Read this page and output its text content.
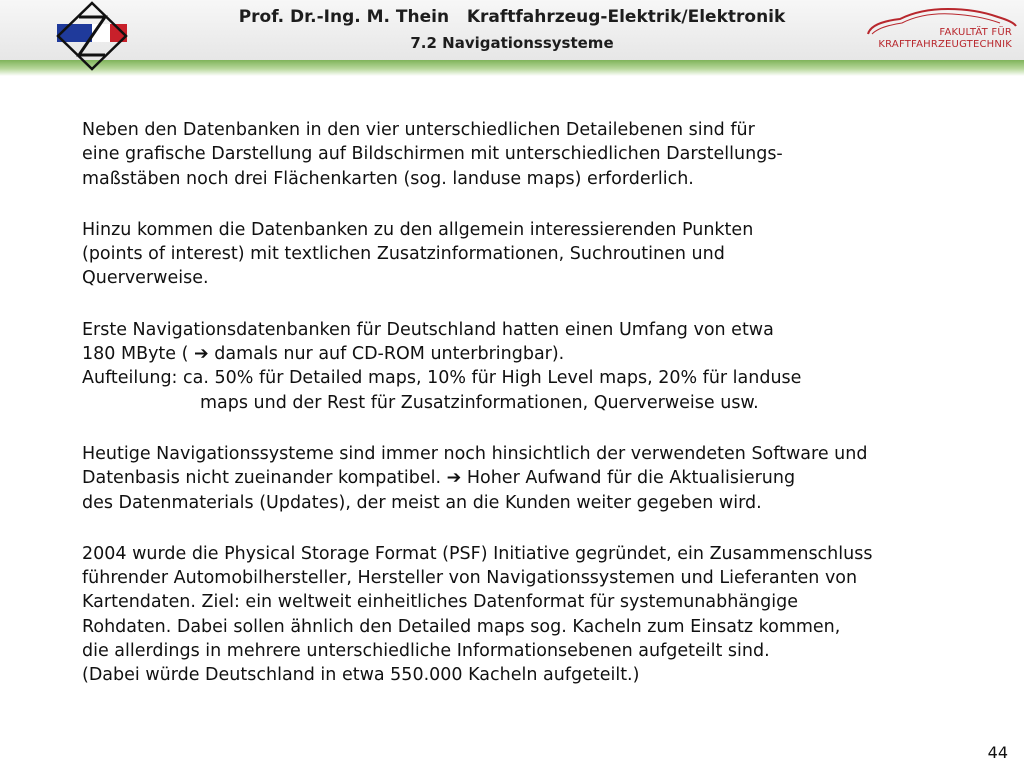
Prof. Dr.-Ing. M. Thein Kraftfahrzeug-Elektrik/Elektronik
7.2 Navigationssysteme
FAKULTÄT FÜR
KRAFTFAHRZEUGTECHNIK

Neben den Datenbanken in den vier unterschiedlichen Detailebenen sind für

eine grafische Darstellung auf Bildschirmen mit unterschiedlichen Darstellungs-

maßstäben noch drei Flächenkarten (sog. landuse maps) erforderlich.

Hinzu kommen die Datenbanken zu den allgemein interessierenden Punkten

(points of interest) mit textlichen Zusatzinformationen, Suchroutinen und

Querverweise.

Erste Navigationsdatenbanken für Deutschland hatten einen Umfang von etwa

180 MByte ( ➔ damals nur auf CD-ROM unterbringbar).

Aufteilung: ca. 50% für Detailed maps, 10% für High Level maps, 20% für landuse

maps und der Rest für Zusatzinformationen, Querverweise usw.

Heutige Navigationssysteme sind immer noch hinsichtlich der verwendeten Software und

Datenbasis nicht zueinander kompatibel. ➔ Hoher Aufwand für die Aktualisierung

des Datenmaterials (Updates), der meist an die Kunden weiter gegeben wird.

2004 wurde die Physical Storage Format (PSF) Initiative gegründet, ein Zusammenschluss

führender Automobilhersteller, Hersteller von Navigationssystemen und Lieferanten von

Kartendaten. Ziel: ein weltweit einheitliches Datenformat für systemunabhängige

Rohdaten. Dabei sollen ähnlich den Detailed maps sog. Kacheln zum Einsatz kommen,

die allerdings in mehrere unterschiedliche Informationsebenen aufgeteilt sind.

(Dabei würde Deutschland in etwa 550.000 Kacheln aufgeteilt.)

44
